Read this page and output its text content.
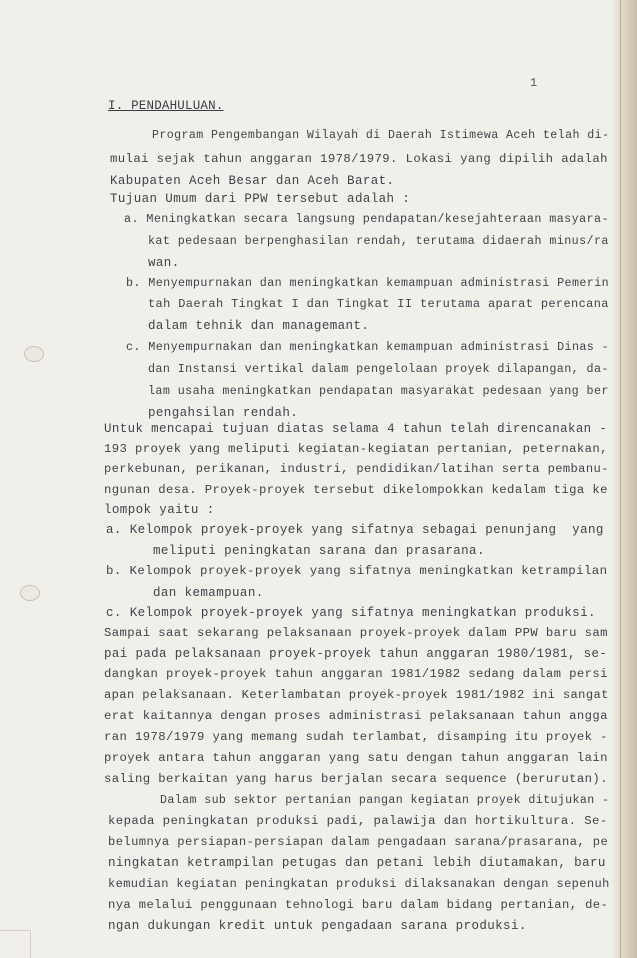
1
I. PENDAHULUAN.
Program Pengembangan Wilayah di Daerah Istimewa Aceh telah di-
mulai sejak tahun anggaran 1978/1979. Lokasi yang dipilih adalah
Kabupaten Aceh Besar dan Aceh Barat.
Tujuan Umum dari PPW tersebut adalah :
a. Meningkatkan secara langsung pendapatan/kesejahteraan masyara-
kat pedesaan berpenghasilan rendah, terutama didaerah minus/ra
wan.
b. Menyempurnakan dan meningkatkan kemampuan administrasi Pemerin
tah Daerah Tingkat I dan Tingkat II terutama aparat perencana
dalam tehnik dan managemant.
c. Menyempurnakan dan meningkatkan kemampuan administrasi Dinas -
dan Instansi vertikal dalam pengelolaan proyek dilapangan, da-
lam usaha meningkatkan pendapatan masyarakat pedesaan yang ber
pengahsilan rendah.
Untuk mencapai tujuan diatas selama 4 tahun telah direncanakan -
193 proyek yang meliputi kegiatan-kegiatan pertanian, peternakan,
perkebunan, perikanan, industri, pendidikan/latihan serta pembanu-
ngunan desa. Proyek-proyek tersebut dikelompokkan kedalam tiga ke
lompok yaitu :
a. Kelompok proyek-proyek yang sifatnya sebagai penunjang  yang
meliputi peningkatan sarana dan prasarana.
b. Kelompok proyek-proyek yang sifatnya meningkatkan ketrampilan
dan kemampuan.
c. Kelompok proyek-proyek yang sifatnya meningkatkan produksi.
Sampai saat sekarang pelaksanaan proyek-proyek dalam PPW baru sam
pai pada pelaksanaan proyek-proyek tahun anggaran 1980/1981, se-
dangkan proyek-proyek tahun anggaran 1981/1982 sedang dalam persi
apan pelaksanaan. Keterlambatan proyek-proyek 1981/1982 ini sangat
erat kaitannya dengan proses administrasi pelaksanaan tahun angga
ran 1978/1979 yang memang sudah terlambat, disamping itu proyek -
proyek antara tahun anggaran yang satu dengan tahun anggaran lain
saling berkaitan yang harus berjalan secara sequence (berurutan).
Dalam sub sektor pertanian pangan kegiatan proyek ditujukan -
kepada peningkatan produksi padi, palawija dan hortikultura. Se-
belumnya persiapan-persiapan dalam pengadaan sarana/prasarana, pe
ningkatan ketrampilan petugas dan petani lebih diutamakan, baru
kemudian kegiatan peningkatan produksi dilaksanakan dengan sepenuh
nya melalui penggunaan tehnologi baru dalam bidang pertanian, de-
ngan dukungan kredit untuk pengadaan sarana produksi.
